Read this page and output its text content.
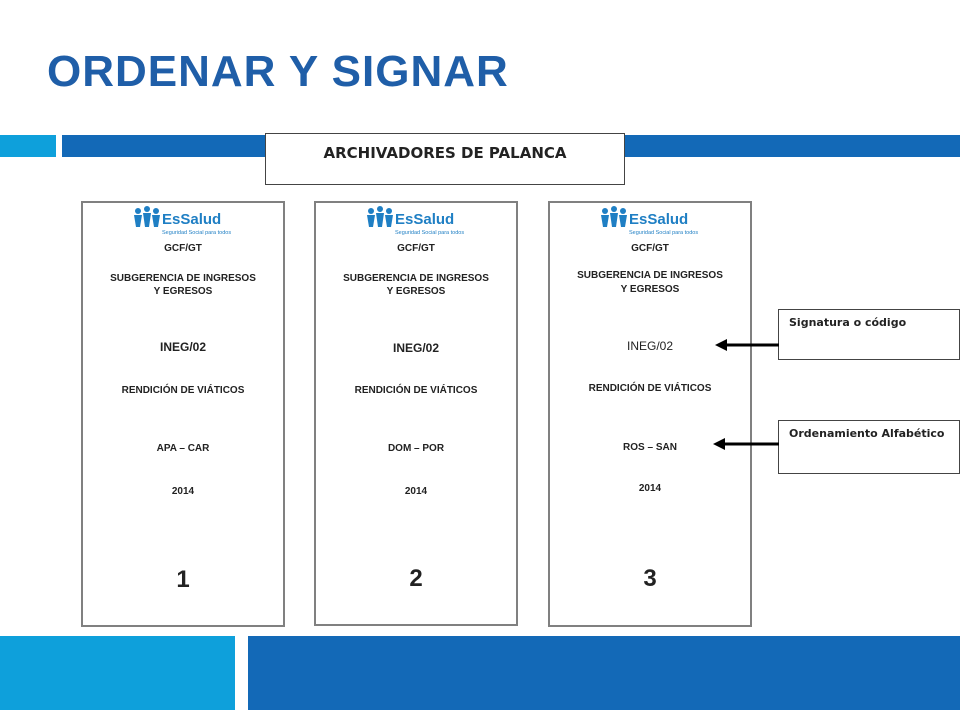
ORDENAR Y SIGNAR
ARCHIVADORES DE PALANCA
EsSalud
Seguridad Social para todos
GCF/GT
SUBGERENCIA DE INGRESOS
Y EGRESOS
INEG/02
RENDICIÓN DE VIÁTICOS
APA – CAR
2014
1
EsSalud
Seguridad Social para todos
GCF/GT
SUBGERENCIA DE INGRESOS
Y EGRESOS
INEG/02
RENDICIÓN DE VIÁTICOS
DOM – POR
2014
2
EsSalud
Seguridad Social para todos
GCF/GT
SUBGERENCIA DE INGRESOS
Y EGRESOS
INEG/02
RENDICIÓN DE VIÁTICOS
ROS – SAN
2014
3
Signatura o código
Ordenamiento Alfabético
